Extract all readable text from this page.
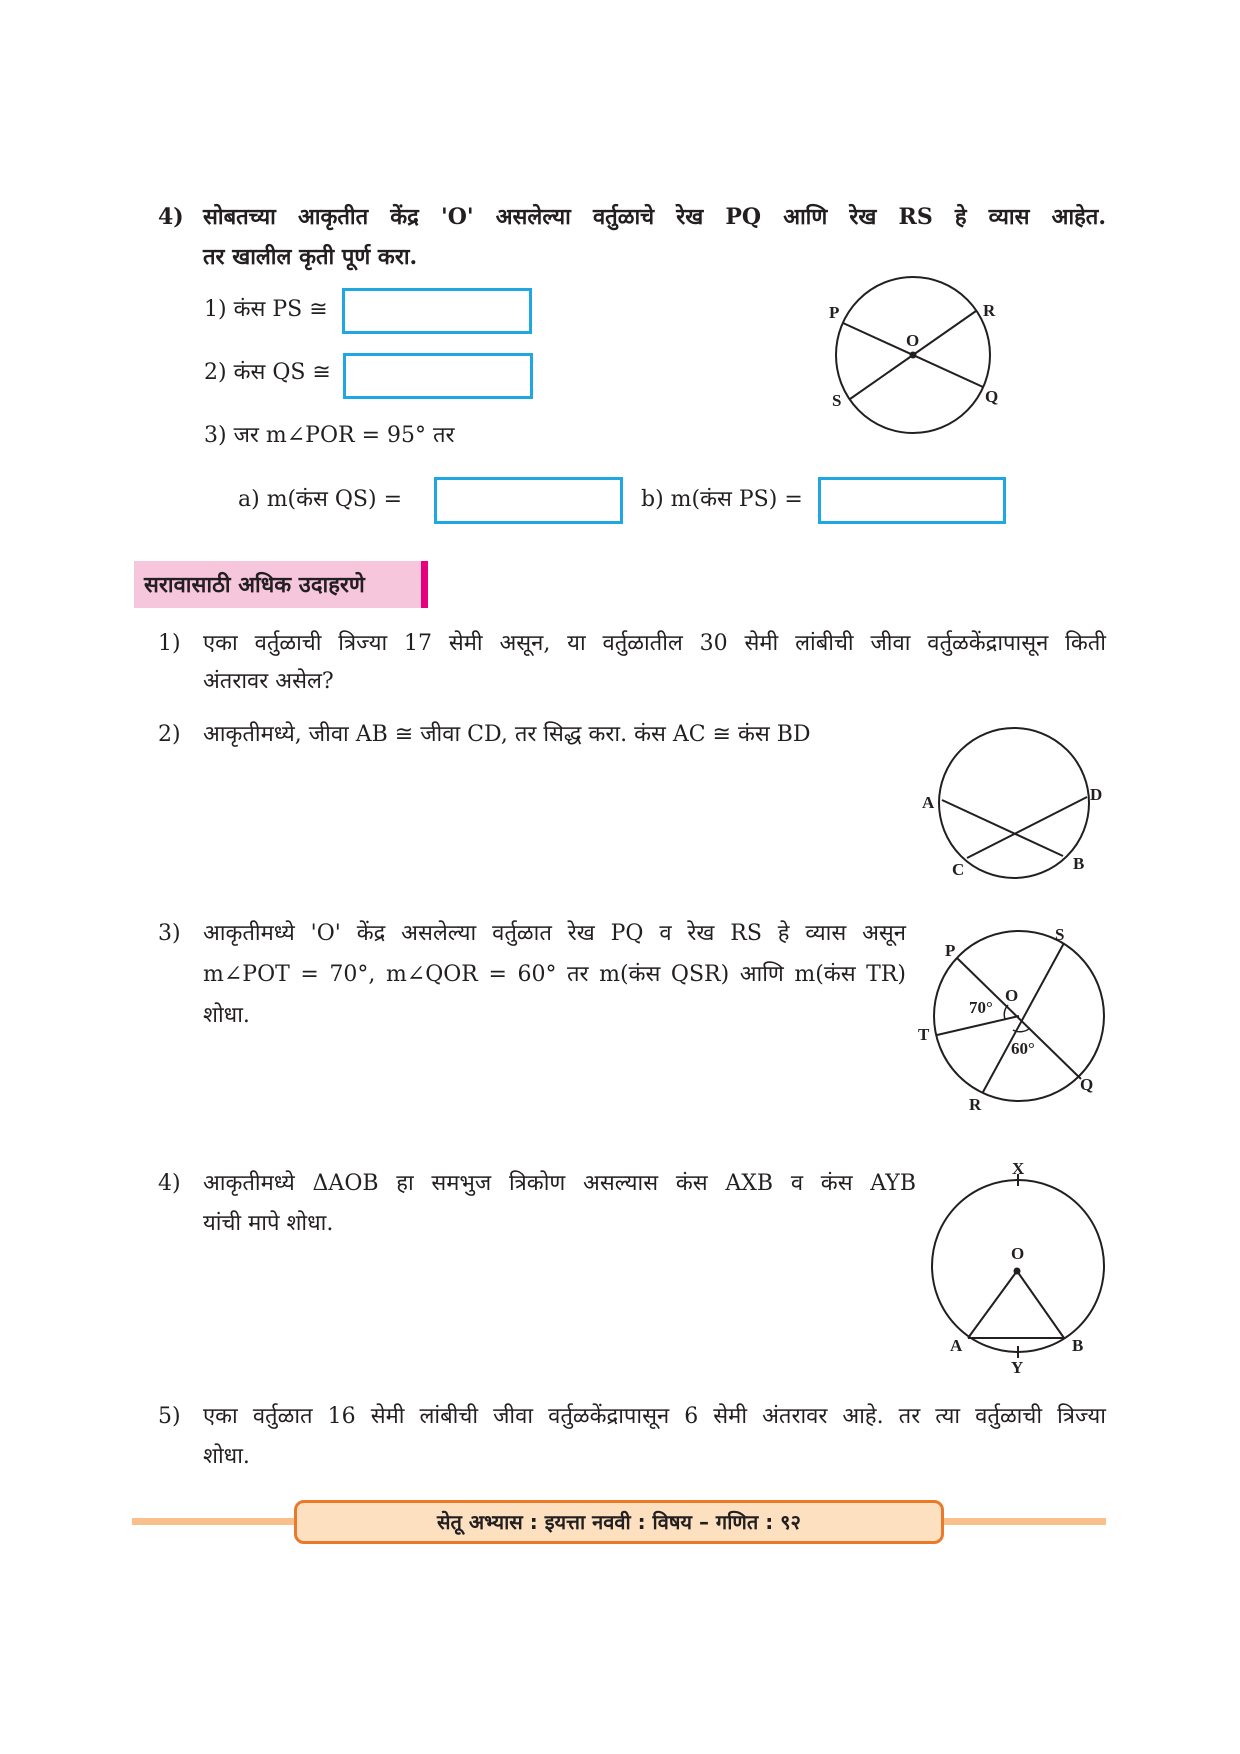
4) सोबतच्या आकृतीत केंद्र 'O' असलेल्या वर्तुळाचे रेख PQ आणि रेख RS हे व्यास आहेत.
तर खालील कृती पूर्ण करा.
1) कंस PS ≅
2) कंस QS ≅
3) जर m∠POR = 95° तर
a) m(कंस QS) =	b) m(कंस PS) =
सरावासाठी अधिक उदाहरणे
1) एका वर्तुळाची त्रिज्या 17 सेमी असून, या वर्तुळातील 30 सेमी लांबीची जीवा वर्तुळकेंद्रापासून किती
अंतरावर असेल?
2) आकृतीमध्ये, जीवा AB ≅ जीवा CD, तर सिद्ध करा. कंस AC ≅ कंस BD
3) आकृतीमध्ये 'O' केंद्र असलेल्या वर्तुळात रेख PQ व रेख RS हे व्यास असून
m∠POT = 70°, m∠QOR = 60° तर m(कंस QSR) आणि m(कंस TR)
शोधा.
4) आकृतीमध्ये ΔAOB हा समभुज त्रिकोण असल्यास कंस AXB व कंस AYB
यांची मापे शोधा.
5) एका वर्तुळात 16 सेमी लांबीची जीवा वर्तुळकेंद्रापासून 6 सेमी अंतरावर आहे. तर त्या वर्तुळाची त्रिज्या
शोधा.
P	R
O
S	Q
A	D
C	B
P
S
O
70°
T
60°
R
Q
X
O
A	B
Y
सेतू अभ्यास : इयत्ता नववी : विषय – गणित : ९२
